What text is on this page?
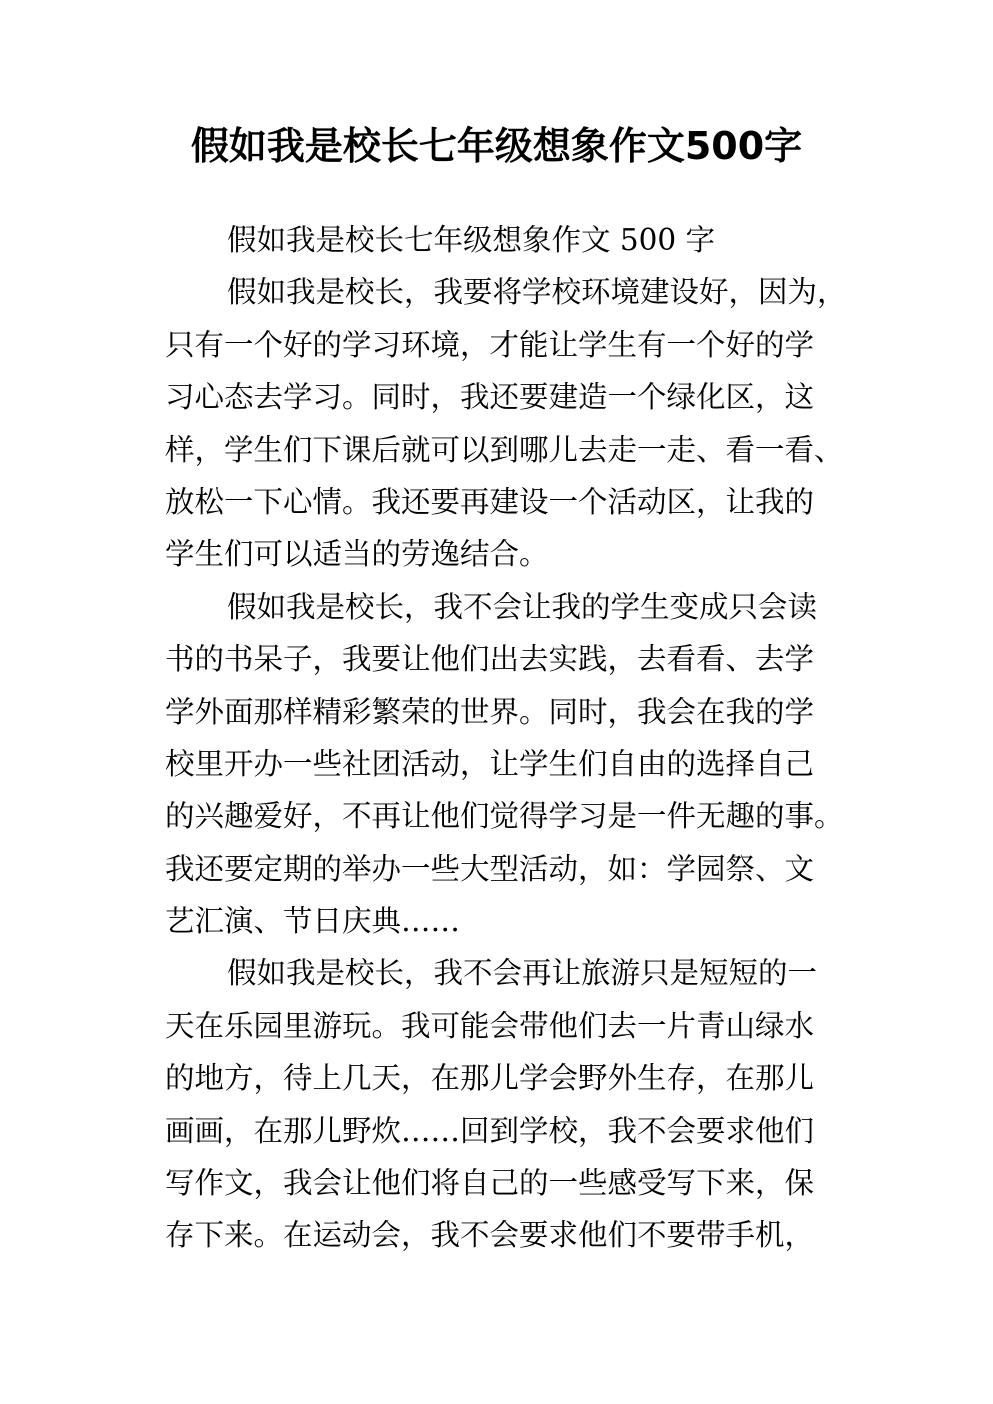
假如我是校长七年级想象作文500字
假如我是校长七年级想象作文 500 字
假如我是校长，我要将学校环境建设好，因为，
只有一个好的学习环境，才能让学生有一个好的学
习心态去学习。同时，我还要建造一个绿化区，这
样，学生们下课后就可以到哪儿去走一走、看一看、
放松一下心情。我还要再建设一个活动区，让我的
学生们可以适当的劳逸结合。
假如我是校长，我不会让我的学生变成只会读
书的书呆子，我要让他们出去实践，去看看、去学
学外面那样精彩繁荣的世界。同时，我会在我的学
校里开办一些社团活动，让学生们自由的选择自己
的兴趣爱好，不再让他们觉得学习是一件无趣的事。
我还要定期的举办一些大型活动，如：学园祭、文
艺汇演、节日庆典……
假如我是校长，我不会再让旅游只是短短的一
天在乐园里游玩。我可能会带他们去一片青山绿水
的地方，待上几天，在那儿学会野外生存，在那儿
画画，在那儿野炊……回到学校，我不会要求他们
写作文，我会让他们将自己的一些感受写下来，保
存下来。在运动会，我不会要求他们不要带手机，
